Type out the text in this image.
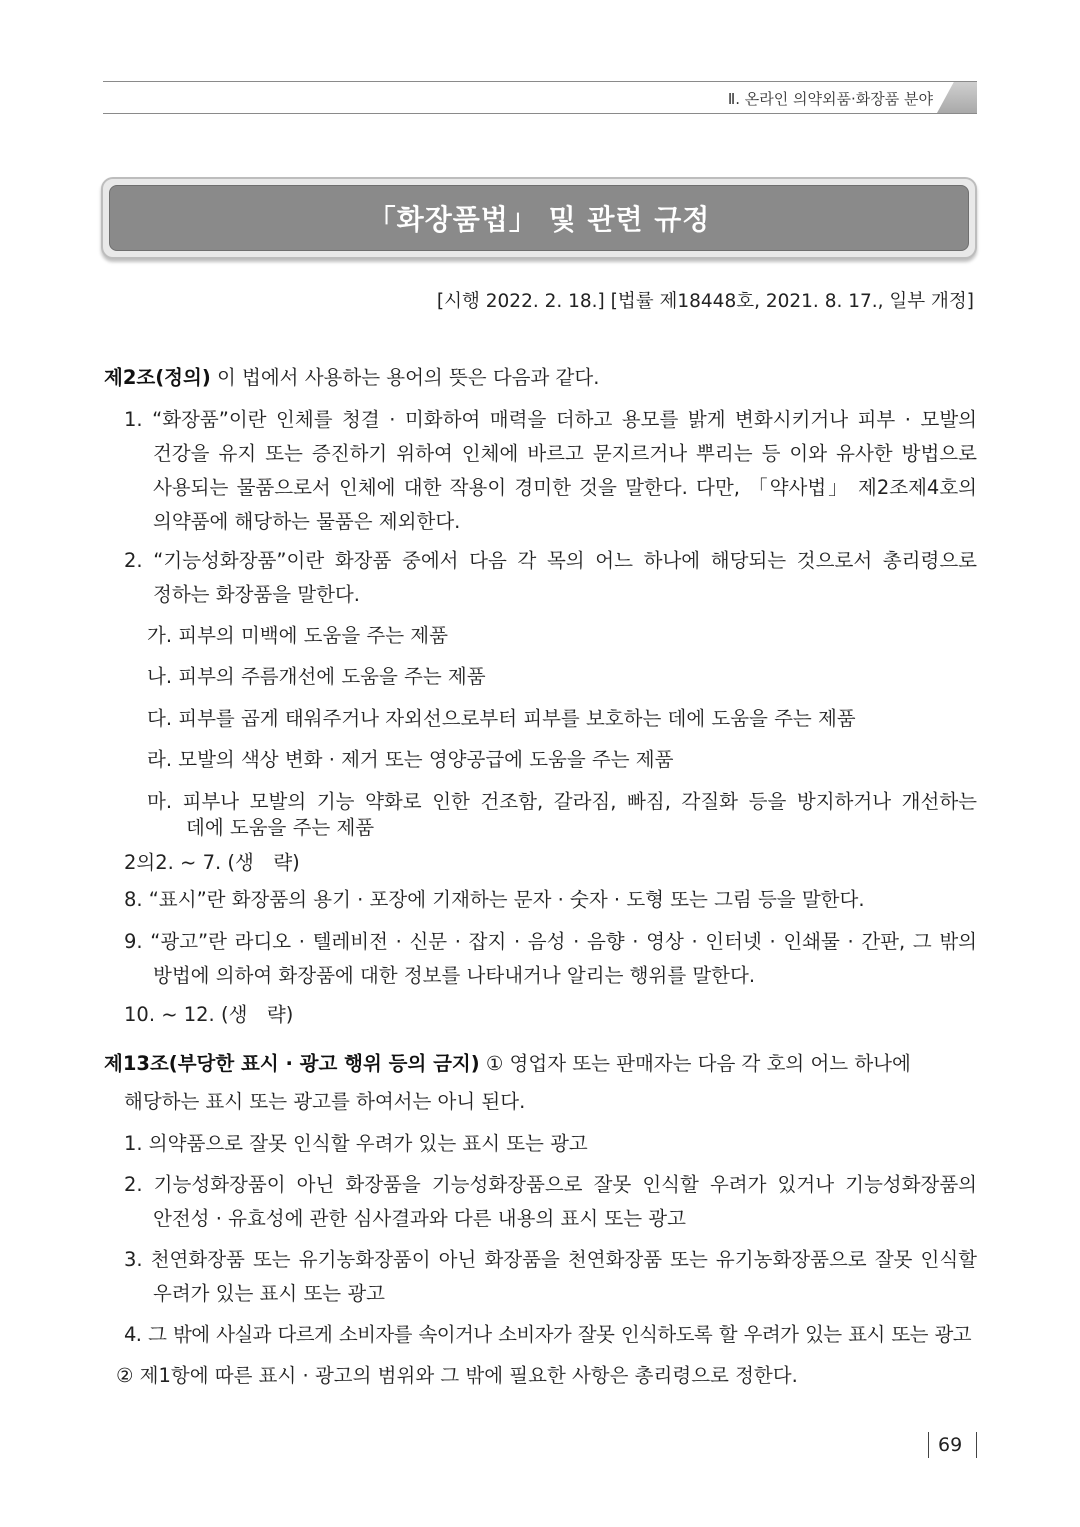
Ⅱ. 온라인 의약외품·화장품 분야
「화장품법」 및 관련 규정
[시행 2022. 2. 18.] [법률 제18448호, 2021. 8. 17., 일부 개정]
제2조(정의) 이 법에서 사용하는 용어의 뜻은 다음과 같다.
1. “화장품”이란 인체를 청결 · 미화하여 매력을 더하고 용모를 밝게 변화시키거나 피부 · 모발의
건강을 유지 또는 증진하기 위하여 인체에 바르고 문지르거나 뿌리는 등 이와 유사한 방법으로
사용되는 물품으로서 인체에 대한 작용이 경미한 것을 말한다. 다만, 「약사법」 제2조제4호의
의약품에 해당하는 물품은 제외한다.
2. “기능성화장품”이란 화장품 중에서 다음 각 목의 어느 하나에 해당되는 것으로서 총리령으로
정하는 화장품을 말한다.
가. 피부의 미백에 도움을 주는 제품
나. 피부의 주름개선에 도움을 주는 제품
다. 피부를 곱게 태워주거나 자외선으로부터 피부를 보호하는 데에 도움을 주는 제품
라. 모발의 색상 변화 · 제거 또는 영양공급에 도움을 주는 제품
마. 피부나 모발의 기능 약화로 인한 건조함, 갈라짐, 빠짐, 각질화 등을 방지하거나 개선하는
데에 도움을 주는 제품
2의2. ~ 7. (생　략)
8. “표시”란 화장품의 용기 · 포장에 기재하는 문자 · 숫자 · 도형 또는 그림 등을 말한다.
9. “광고”란 라디오 · 텔레비전 · 신문 · 잡지 · 음성 · 음향 · 영상 · 인터넷 · 인쇄물 · 간판, 그 밖의
방법에 의하여 화장품에 대한 정보를 나타내거나 알리는 행위를 말한다.
10. ~ 12. (생　략)
제13조(부당한 표시 · 광고 행위 등의 금지) ① 영업자 또는 판매자는 다음 각 호의 어느 하나에
해당하는 표시 또는 광고를 하여서는 아니 된다.
1. 의약품으로 잘못 인식할 우려가 있는 표시 또는 광고
2. 기능성화장품이 아닌 화장품을 기능성화장품으로 잘못 인식할 우려가 있거나 기능성화장품의
안전성 · 유효성에 관한 심사결과와 다른 내용의 표시 또는 광고
3. 천연화장품 또는 유기농화장품이 아닌 화장품을 천연화장품 또는 유기농화장품으로 잘못 인식할
우려가 있는 표시 또는 광고
4. 그 밖에 사실과 다르게 소비자를 속이거나 소비자가 잘못 인식하도록 할 우려가 있는 표시 또는 광고
② 제1항에 따른 표시 · 광고의 범위와 그 밖에 필요한 사항은 총리령으로 정한다.
69
